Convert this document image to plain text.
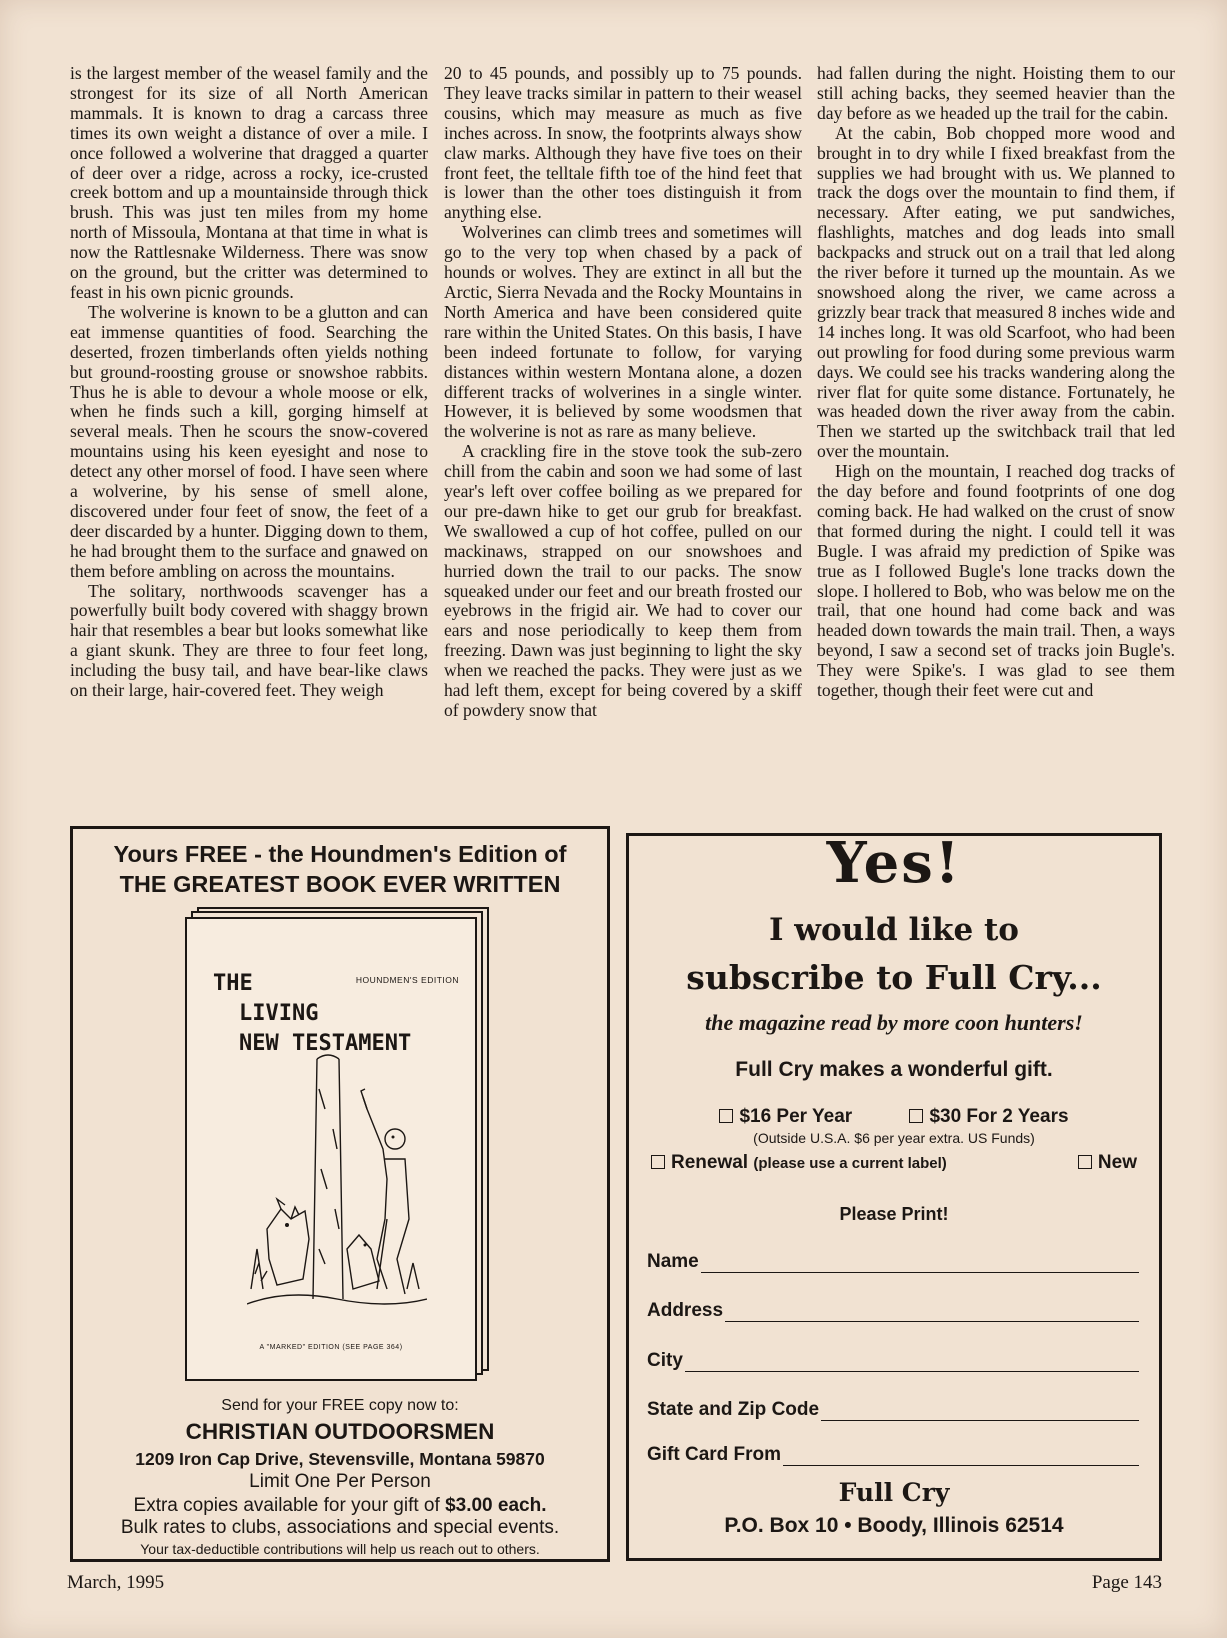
is the largest member of the weasel family and the strongest for its size of all North American mammals. It is known to drag a carcass three times its own weight a distance of over a mile. I once followed a wolverine that dragged a quarter of deer over a ridge, across a rocky, ice-crusted creek bottom and up a mountainside through thick brush. This was just ten miles from my home north of Missoula, Montana at that time in what is now the Rattlesnake Wilderness. There was snow on the ground, but the critter was determined to feast in his own picnic grounds.

The wolverine is known to be a glutton and can eat immense quantities of food. Searching the deserted, frozen timberlands often yields nothing but ground-roosting grouse or snowshoe rabbits. Thus he is able to devour a whole moose or elk, when he finds such a kill, gorging himself at several meals. Then he scours the snow-covered mountains using his keen eyesight and nose to detect any other morsel of food. I have seen where a wolverine, by his sense of smell alone, discovered under four feet of snow, the feet of a deer discarded by a hunter. Digging down to them, he had brought them to the surface and gnawed on them before ambling on across the mountains.

The solitary, northwoods scavenger has a powerfully built body covered with shaggy brown hair that resembles a bear but looks somewhat like a giant skunk. They are three to four feet long, including the busy tail, and have bear-like claws on their large, hair-covered feet. They weigh

20 to 45 pounds, and possibly up to 75 pounds. They leave tracks similar in pattern to their weasel cousins, which may measure as much as five inches across. In snow, the footprints always show claw marks. Although they have five toes on their front feet, the telltale fifth toe of the hind feet that is lower than the other toes distinguish it from anything else.

Wolverines can climb trees and sometimes will go to the very top when chased by a pack of hounds or wolves. They are extinct in all but the Arctic, Sierra Nevada and the Rocky Mountains in North America and have been considered quite rare within the United States. On this basis, I have been indeed fortunate to follow, for varying distances within western Montana alone, a dozen different tracks of wolverines in a single winter. However, it is believed by some woodsmen that the wolverine is not as rare as many believe.

A crackling fire in the stove took the sub-zero chill from the cabin and soon we had some of last year's left over coffee boiling as we prepared for our pre-dawn hike to get our grub for breakfast. We swallowed a cup of hot coffee, pulled on our mackinaws, strapped on our snowshoes and hurried down the trail to our packs. The snow squeaked under our feet and our breath frosted our eyebrows in the frigid air. We had to cover our ears and nose periodically to keep them from freezing. Dawn was just beginning to light the sky when we reached the packs. They were just as we had left them, except for being covered by a skiff of powdery snow that

had fallen during the night. Hoisting them to our still aching backs, they seemed heavier than the day before as we headed up the trail for the cabin.

At the cabin, Bob chopped more wood and brought in to dry while I fixed breakfast from the supplies we had brought with us. We planned to track the dogs over the mountain to find them, if necessary. After eating, we put sandwiches, flashlights, matches and dog leads into small backpacks and struck out on a trail that led along the river before it turned up the mountain. As we snowshoed along the river, we came across a grizzly bear track that measured 8 inches wide and 14 inches long. It was old Scarfoot, who had been out prowling for food during some previous warm days. We could see his tracks wandering along the river flat for quite some distance. Fortunately, he was headed down the river away from the cabin. Then we started up the switchback trail that led over the mountain.

High on the mountain, I reached dog tracks of the day before and found footprints of one dog coming back. He had walked on the crust of snow that formed during the night. I could tell it was Bugle. I was afraid my prediction of Spike was true as I followed Bugle's lone tracks down the slope. I hollered to Bob, who was below me on the trail, that one hound had come back and was headed down towards the main trail. Then, a ways beyond, I saw a second set of tracks join Bugle's. They were Spike's. I was glad to see them together, though their feet were cut and

Yours FREE - the Houndmen's Edition of
THE GREATEST BOOK EVER WRITTEN
THE
LIVING
NEW TESTAMENT
HOUNDMEN'S EDITION
A "MARKED" EDITION (SEE PAGE 364)
Send for your FREE copy now to:
CHRISTIAN OUTDOORSMEN
1209 Iron Cap Drive, Stevensville, Montana 59870
Limit One Per Person
Extra copies available for your gift of $3.00 each.
Bulk rates to clubs, associations and special events.
Your tax-deductible contributions will help us reach out to others.
Yes!
I would like to
subscribe to Full Cry...
the magazine read by more coon hunters!
Full Cry makes a wonderful gift.
$16 Per Year	$30 For 2 Years
(Outside U.S.A. $6 per year extra. US Funds)
Renewal (please use a current label)	New
Please Print!
Name
Address
City
State and Zip Code
Gift Card From
Full Cry
P.O. Box 10 • Boody, Illinois 62514
March, 1995	Page 143
